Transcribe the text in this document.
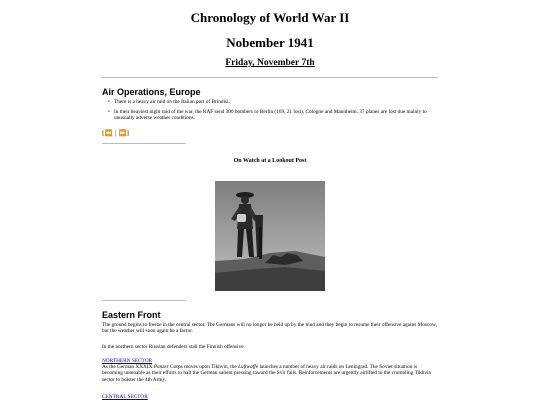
Chronology of World War II
Nobember 1941
Friday, November 7th
Air Operations, Europe
• There is a heavy air raid on the Italian port of Brindisi.
• In their heaviest night raid of the war, the RAF send 300 bombers to Berlin (169, 21 lost), Cologne and Mannheim. 37 planes are lost due mainly to unusually adverse weather conditions.
[⏪ | ⏩]
On Watch at a Lookout Post
Eastern Front
The ground begins to freeze in the central sector. The Germans will no longer be held up by the mud and they begin to resume their offensive agains Moscow, but the weather will soon again be a factor.
In the northern sector Russian defenders stall the Finnish offensive.
NORTHERN SECTOR
As the German XXXIX Panzer Corps moves upon Tikhvin, the Luftwaffe launches a number of heavy air raids on Leningrad. The Soviet situation is becoming untenable as their efforts to halt the German salient pressing toward the Svir fails. Reinforcements are urgently airlifted to the crumbling Tikhvin sector to bolster the 4th Army.
CENTRAL SECTOR
